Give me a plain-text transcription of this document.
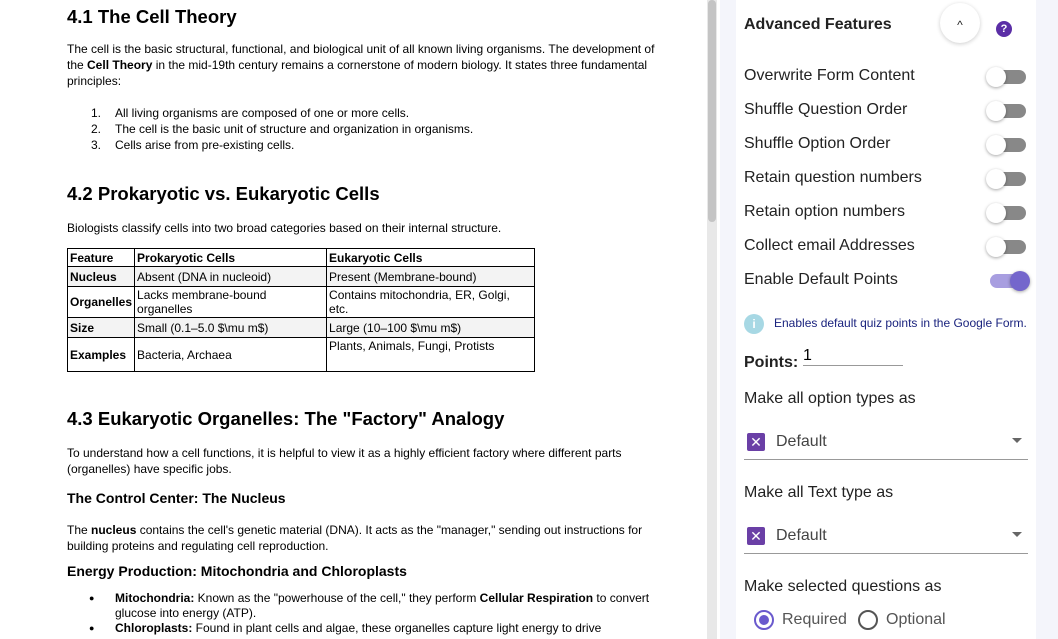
4.1 The Cell Theory
The cell is the basic structural, functional, and biological unit of all known living organisms. The development of the Cell Theory in the mid-19th century remains a cornerstone of modern biology. It states three fundamental principles:
1. All living organisms are composed of one or more cells.
2. The cell is the basic unit of structure and organization in organisms.
3. Cells arise from pre-existing cells.
4.2 Prokaryotic vs. Eukaryotic Cells
Biologists classify cells into two broad categories based on their internal structure.
Feature	Prokaryotic Cells	Eukaryotic Cells
Nucleus	Absent (DNA in nucleoid)	Present (Membrane-bound)
Organelles	Lacks membrane-bound organelles	Contains mitochondria, ER, Golgi, etc.
Size	Small (0.1–5.0 $\mu m$)	Large (10–100 $\mu m$)
Examples	Bacteria, Archaea	Plants, Animals, Fungi, Protists
4.3 Eukaryotic Organelles: The "Factory" Analogy
To understand how a cell functions, it is helpful to view it as a highly efficient factory where different parts (organelles) have specific jobs.
The Control Center: The Nucleus
The nucleus contains the cell's genetic material (DNA). It acts as the "manager," sending out instructions for building proteins and regulating cell reproduction.
Energy Production: Mitochondria and Chloroplasts
● Mitochondria: Known as the "powerhouse of the cell," they perform Cellular Respiration to convert glucose into energy (ATP).
● Chloroplasts: Found in plant cells and algae, these organelles capture light energy to drive
Advanced Features	^	?
Overwrite Form Content
Shuffle Question Order
Shuffle Option Order
Retain question numbers
Retain option numbers
Collect email Addresses
Enable Default Points
i Enables default quiz points in the Google Form.
Points:
1
Make all option types as
✕ Default
Make all Text type as
✕ Default
Make selected questions as
Required	Optional
